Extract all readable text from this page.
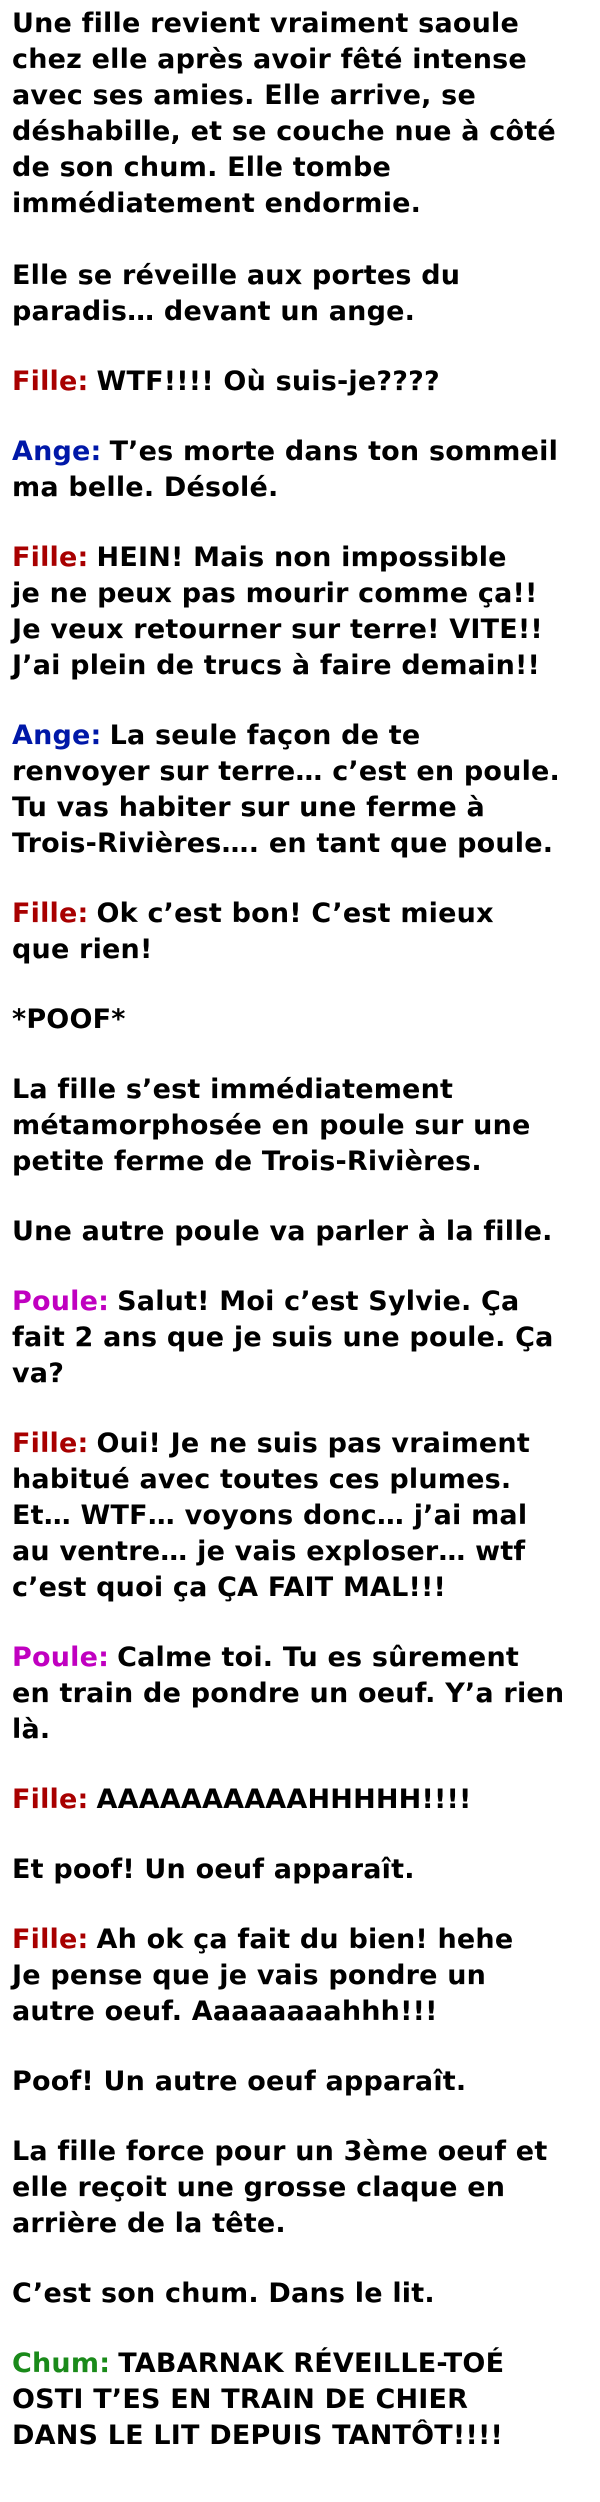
Une fille revient vraiment saoule
chez elle après avoir fêté intense
avec ses amies. Elle arrive, se
déshabille, et se couche nue à côté
de son chum. Elle tombe
immédiatement endormie.

Elle se réveille aux portes du
paradis… devant un ange.

Fille: WTF!!!! Où suis-je????

Ange: T’es morte dans ton sommeil
ma belle. Désolé.

Fille: HEIN! Mais non impossible
je ne peux pas mourir comme ça!!
Je veux retourner sur terre! VITE!!
J’ai plein de trucs à faire demain!!

Ange: La seule façon de te
renvoyer sur terre… c’est en poule.
Tu vas habiter sur une ferme à
Trois-Rivières…. en tant que poule.

Fille: Ok c’est bon! C’est mieux
que rien!

*POOF*

La fille s’est immédiatement
métamorphosée en poule sur une
petite ferme de Trois-Rivières.

Une autre poule va parler à la fille.

Poule: Salut! Moi c’est Sylvie. Ça
fait 2 ans que je suis une poule. Ça
va?

Fille: Oui! Je ne suis pas vraiment
habitué avec toutes ces plumes.
Et… WTF… voyons donc… j’ai mal
au ventre… je vais exploser… wtf
c’est quoi ça ÇA FAIT MAL!!!

Poule: Calme toi. Tu es sûrement
en train de pondre un oeuf. Y’a rien
là.

Fille: AAAAAAAAAAHHHHH!!!!

Et poof! Un oeuf apparaît.

Fille: Ah ok ça fait du bien! hehe
Je pense que je vais pondre un
autre oeuf. Aaaaaaaahhh!!!

Poof! Un autre oeuf apparaît.

La fille force pour un 3ème oeuf et
elle reçoit une grosse claque en
arrière de la tête.

C’est son chum. Dans le lit.

Chum: TABARNAK RÉVEILLE-TOÉ
OSTI T’ES EN TRAIN DE CHIER
DANS LE LIT DEPUIS TANTÔT!!!!
